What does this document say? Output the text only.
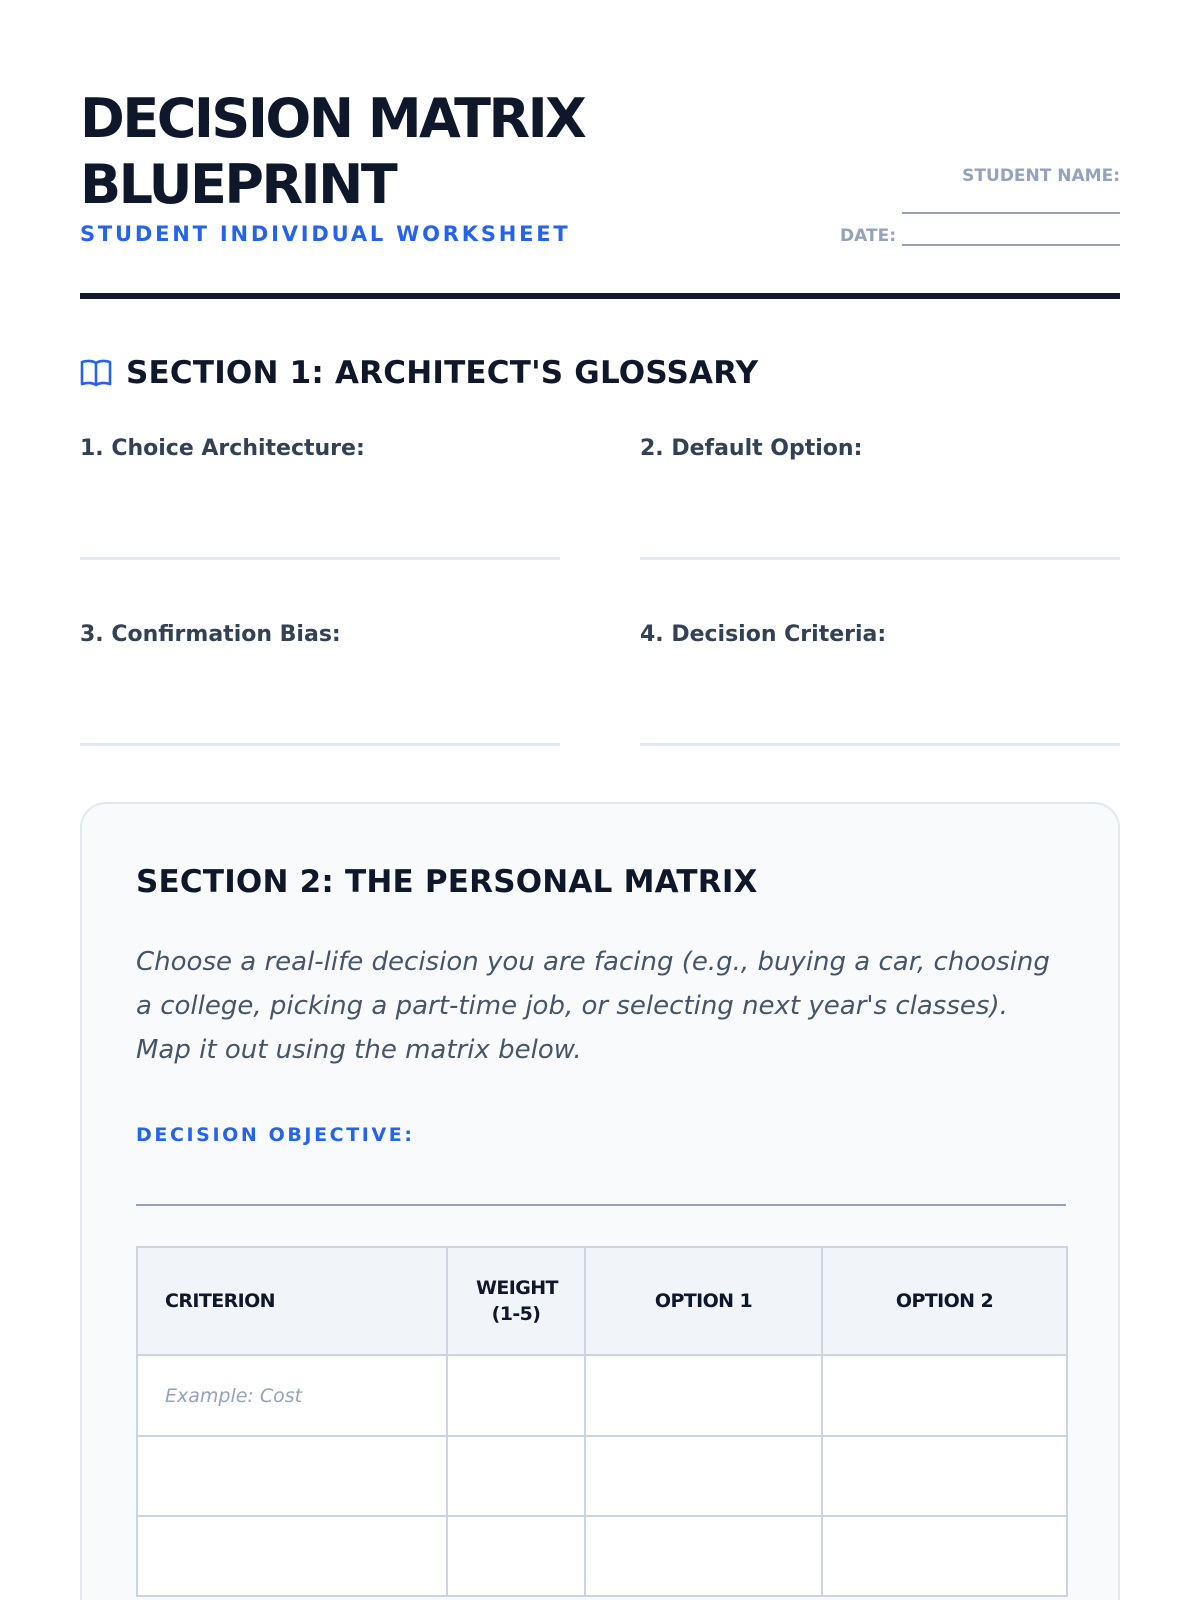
DECISION MATRIX
BLUEPRINT
STUDENT INDIVIDUAL WORKSHEET
STUDENT NAME:
DATE:
SECTION 1: ARCHITECT'S GLOSSARY
1. Choice Architecture:	2. Default Option:
3. Confirmation Bias:	4. Decision Criteria:
SECTION 2: THE PERSONAL MATRIX
Choose a real-life decision you are facing (e.g., buying a car, choosing a college, picking a part-time job, or selecting next year's classes). Map it out using the matrix below.
DECISION OBJECTIVE:
CRITERION	WEIGHT (1-5)	OPTION 1	OPTION 2
Example: Cost			
